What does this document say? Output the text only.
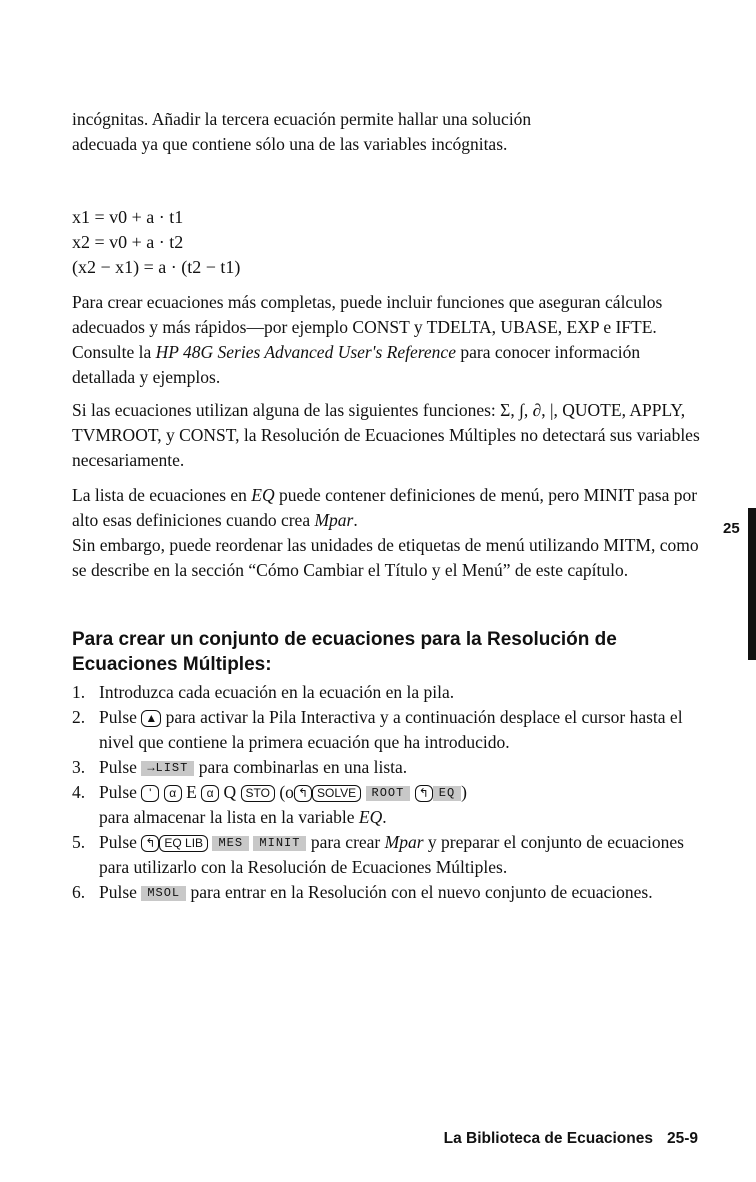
incógnitas. Añadir la tercera ecuación permite hallar una solución
adecuada ya que contiene sólo una de las variables incógnitas.

x1 = v0 + a · t1
x2 = v0 + a · t2
(x2 − x1) = a · (t2 − t1)

Para crear ecuaciones más completas, puede incluir funciones que aseguran cálculos adecuados y más rápidos—por ejemplo CONST y TDELTA, UBASE, EXP e IFTE. Consulte la HP 48G Series Advanced User's Reference para conocer información detallada y ejemplos.

Si las ecuaciones utilizan alguna de las siguientes funciones: Σ, ∫, ∂, |, QUOTE, APPLY, TVMROOT, y CONST, la Resolución de Ecuaciones Múltiples no detectará sus variables necesariamente.

La lista de ecuaciones en EQ puede contener definiciones de menú, pero MINIT pasa por alto esas definiciones cuando crea Mpar.
Sin embargo, puede reordenar las unidades de etiquetas de menú utilizando MITM, como se describe en la sección “Cómo Cambiar el Título y el Menú” de este capítulo.

Para crear un conjunto de ecuaciones para la Resolución de Ecuaciones Múltiples:
1. Introduzca cada ecuación en la ecuación en la pila.
2. Pulse ▲ para activar la Pila Interactiva y a continuación desplace el cursor hasta el nivel que contiene la primera ecuación que ha introducido.
3. Pulse →LIST para combinarlas en una lista.
4. Pulse ' α E α Q STO (o ↰ SOLVE ROOT ↰ EQ )
para almacenar la lista en la variable EQ.
5. Pulse ↰ EQ LIB MES MINIT para crear Mpar y preparar el conjunto de ecuaciones para utilizarlo con la Resolución de Ecuaciones Múltiples.
6. Pulse MSOL para entrar en la Resolución con el nuevo conjunto de ecuaciones.
25
La Biblioteca de Ecuaciones 25-9
